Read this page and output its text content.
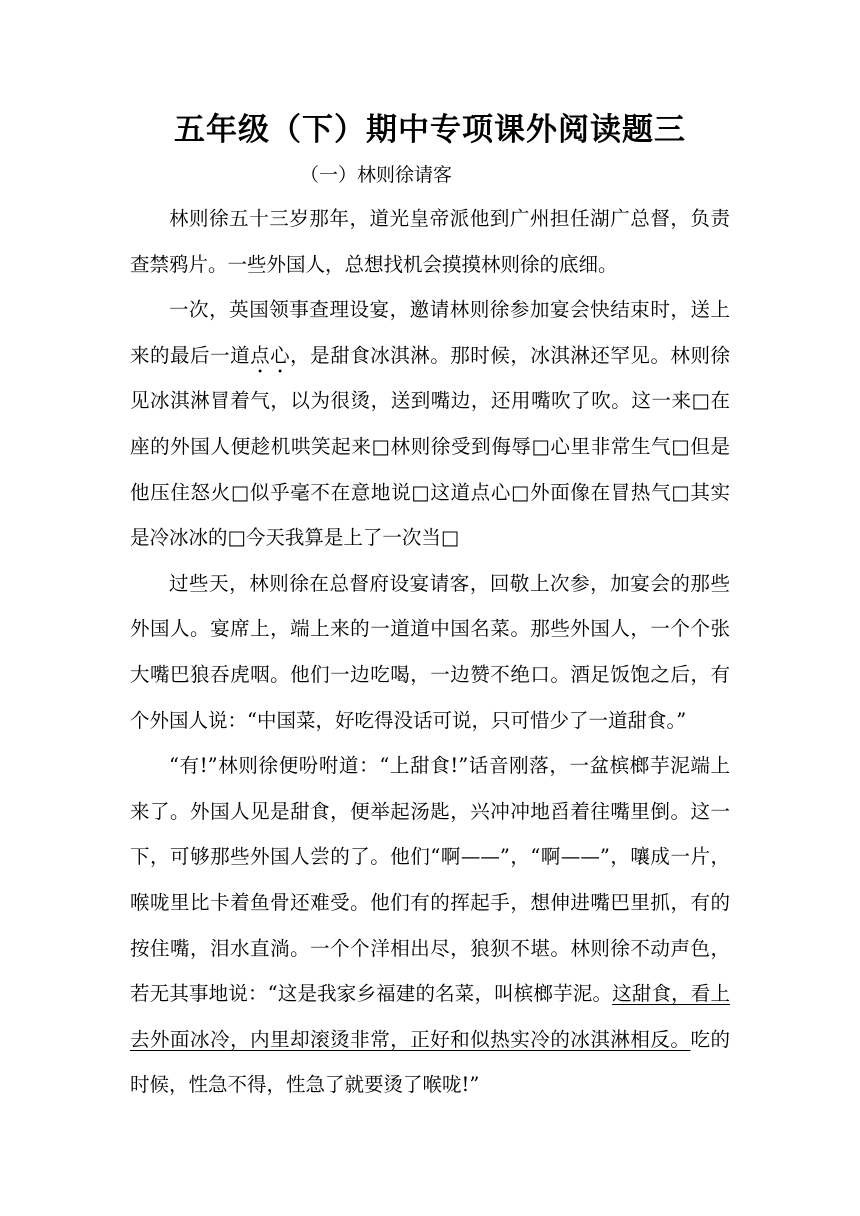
五年级（下）期中专项课外阅读题三
（一）林则徐请客

林则徐五十三岁那年，道光皇帝派他到广州担任湖广总督，负责查禁鸦片。一些外国人，总想找机会摸摸林则徐的底细。

一次，英国领事查理设宴，邀请林则徐参加宴会快结束时，送上来的最后一道点心，是甜食冰淇淋。那时候，冰淇淋还罕见。林则徐见冰淇淋冒着气，以为很烫，送到嘴边，还用嘴吹了吹。这一来□在座的外国人便趁机哄笑起来□林则徐受到侮辱□心里非常生气□但是他压住怒火□似乎毫不在意地说□这道点心□外面像在冒热气□其实是冷冰冰的□今天我算是上了一次当□

过些天，林则徐在总督府设宴请客，回敬上次参，加宴会的那些外国人。宴席上，端上来的一道道中国名菜。那些外国人，一个个张大嘴巴狼吞虎咽。他们一边吃喝，一边赞不绝口。酒足饭饱之后，有个外国人说：“中国菜，好吃得没话可说，只可惜少了一道甜食。”

“有!”林则徐便吩咐道：“上甜食!”话音刚落，一盆槟榔芋泥端上来了。外国人见是甜食，便举起汤匙，兴冲冲地舀着往嘴里倒。这一下，可够那些外国人尝的了。他们“啊——”，“啊——”，嚷成一片，喉咙里比卡着鱼骨还难受。他们有的挥起手，想伸进嘴巴里抓，有的按住嘴，泪水直淌。一个个洋相出尽，狼狈不堪。林则徐不动声色，若无其事地说：“这是我家乡福建的名菜，叫槟榔芋泥。这甜食，看上去外面冰冷，内里却滚烫非常，正好和似热实冷的冰淇淋相反。吃的时候，性急不得，性急了就要烫了喉咙!”
